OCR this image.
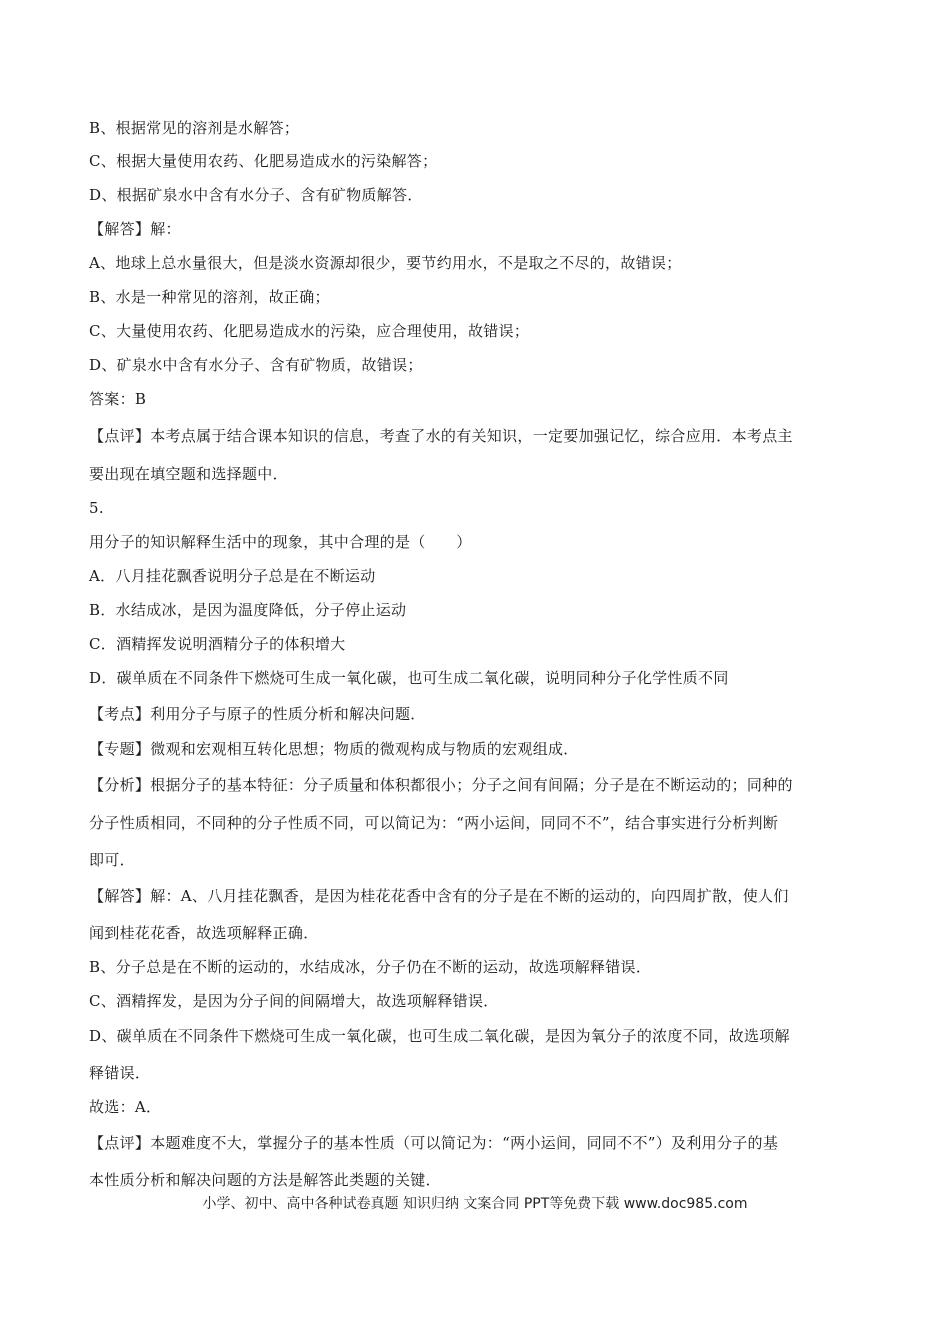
B、根据常见的溶剂是水解答；
C、根据大量使用农药、化肥易造成水的污染解答；
D、根据矿泉水中含有水分子、含有矿物质解答．
【解答】解：
A、地球上总水量很大，但是淡水资源却很少，要节约用水，不是取之不尽的，故错误；
B、水是一种常见的溶剂，故正确；
C、大量使用农药、化肥易造成水的污染，应合理使用，故错误；
D、矿泉水中含有水分子、含有矿物质，故错误；
答案：B
【点评】本考点属于结合课本知识的信息，考查了水的有关知识，一定要加强记忆，综合应用．本考点主
要出现在填空题和选择题中．
5.
用分子的知识解释生活中的现象，其中合理的是（　　）
A．八月挂花飘香说明分子总是在不断运动
B．水结成冰，是因为温度降低，分子停止运动
C．酒精挥发说明酒精分子的体积增大
D．碳单质在不同条件下燃烧可生成一氧化碳，也可生成二氧化碳，说明同种分子化学性质不同
【考点】利用分子与原子的性质分析和解决问题．
【专题】微观和宏观相互转化思想；物质的微观构成与物质的宏观组成．
【分析】根据分子的基本特征：分子质量和体积都很小；分子之间有间隔；分子是在不断运动的；同种的
分子性质相同，不同种的分子性质不同，可以简记为：“两小运间，同同不不”，结合事实进行分析判断
即可．
【解答】解：A、八月挂花飘香，是因为桂花花香中含有的分子是在不断的运动的，向四周扩散，使人们
闻到桂花花香，故选项解释正确．
B、分子总是在不断的运动的，水结成冰，分子仍在不断的运动，故选项解释错误．
C、酒精挥发，是因为分子间的间隔增大，故选项解释错误．
D、碳单质在不同条件下燃烧可生成一氧化碳，也可生成二氧化碳，是因为氧分子的浓度不同，故选项解
释错误．
故选：A．
【点评】本题难度不大，掌握分子的基本性质（可以简记为：“两小运间，同同不不”）及利用分子的基
本性质分析和解决问题的方法是解答此类题的关键．
小学、初中、高中各种试卷真题 知识归纳 文案合同 PPT等免费下载 www.doc985.com
